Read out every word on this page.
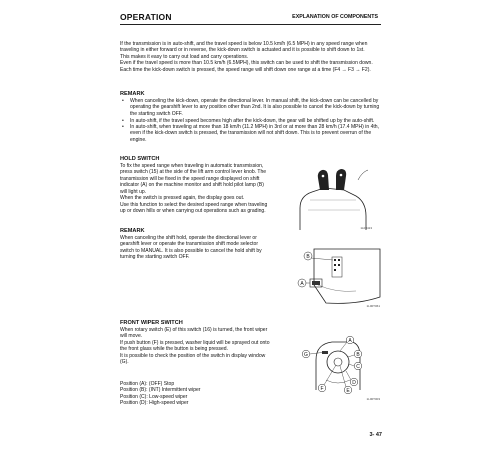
OPERATION	EXPLANATION OF COMPONENTS

If the transmission is in auto-shift, and the travel speed is below 10.5 km/h (6.5 MPH) in any speed range when

traveling in either forward or in reverse, the kick-down switch is actuated and it is possible to shift down to 1st.

This makes it easy to carry out load and carry operations.

Even if the travel speed is more than 10.5 km/h (6.5MPH), this switch can be used to shift the transmission down.

Each time the kick-down switch is pressed, the speed range will shift down one range at a time (F4 → F3 → F2).

REMARK
• When canceling the kick-down, operate the directional lever. In manual shift, the kick-down can be cancelled by

operating the gearshift lever to any position other than 2nd. It is also possible to cancel the kick-down by turning

the starting switch OFF.

• In auto-shift, if the travel speed becomes high after the kick-down, the gear will be shifted up by the auto-shift.

• In auto-shift, when traveling at more than 18 km/h (11.2 MPH) in 3rd or at more than 28 km/h (17.4 MPH) in 4th,

even if the kick-down switch is pressed, the transmission will not shift down. This is to prevent overrun of the

engine.

HOLD SWITCH

To fix the speed range when traveling in automatic transmission,

press switch (15) at the side of the lift arm control lever knob. The

transmission will be fixed in the speed range displayed on shift

indicator (A) on the machine monitor and shift hold pilot lamp (B)

will light up.

When the switch is pressed again, the display goes out.

Use this function to select the desired speed range when traveling

up or down hills or when carrying out operations such as grading.

REMARK

When canceling the shift hold, operate the directional lever or

gearshift lever or operate the transmission shift mode selector

switch to MANUAL. It is also possible to cancel the hold shift by

turning the starting switch OFF.

FRONT WIPER SWITCH

When rotary switch (E) of this switch (16) is turned, the front wiper

will move.

If push button (F) is pressed, washer liquid will be sprayed out onto

the front glass while the button is being pressed.

It is possible to check the position of the switch in display window

(G).

Position (A): (OFF) Stop

Position (B): (INT) Intermittent wiper

Position (C): Low-speed wiper

Position (D): High-speed wiper

1L00413
B
A
1L00T061
G
A
B
C
D
E
F
1L00T003
3- 47
